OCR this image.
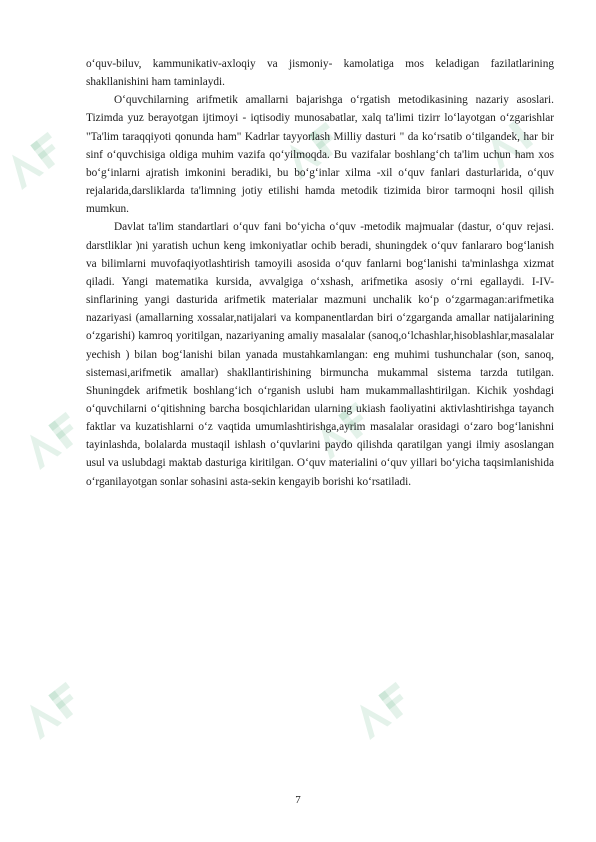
o‘quv-biluv, kammunikativ-axloqiy va jismoniy- kamolatiga mos keladigan fazilatlarining shakllanishini ham taminlaydi.

O‘quvchilarning arifmetik amallarni bajarishga o‘rgatish metodikasining nazariy asoslari. Tizimda yuz berayotgan ijtimoyi - iqtisodiy munosabatlar, xalq ta'limi tizirr lo‘layotgan o‘zgarishlar "Ta'lim taraqqiyoti qonunda ham" Kadrlar tayyorlash Milliy dasturi " da ko‘rsatib o‘tilgandek, har bir sinf o‘quvchisiga oldiga muhim vazifa qo‘yilmoqda. Bu vazifalar boshlang‘ch ta'lim uchun ham xos bo‘g‘inlarni ajratish imkonini beradiki, bu bo‘g‘inlar xilma -xil o‘quv fanlari dasturlarida, o‘quv rejalarida,darsliklarda ta'limning jotiy etilishi hamda metodik tizimida biror tarmoqni hosil qilish mumkun.

Davlat ta'lim standartlari o‘quv fani bo‘yicha o‘quv -metodik majmualar (dastur, o‘quv rejasi. darstliklar )ni yaratish uchun keng imkoniyatlar ochib beradi, shuningdek o‘quv fanlararo bog‘lanish va bilimlarni muvofaqiyotlashtirish tamoyili asosida o‘quv fanlarni bog‘lanishi ta'minlashga xizmat qiladi. Yangi matematika kursida, avvalgiga o‘xshash, arifmetika asosiy o‘rni egallaydi. I-IV-sinflarining yangi dasturida arifmetik materialar mazmuni unchalik ko‘p o‘zgarmagan:arifmetika nazariyasi (amallarning xossalar,natijalari va kompanentlardan biri o‘zgarganda amallar natijalarining o‘zgarishi) kamroq yoritilgan, nazariyaning amaliy masalalar (sanoq,o‘lchashlar,hisoblashlar,masalalar yechish ) bilan bog‘lanishi bilan yanada mustahkamlangan: eng muhimi tushunchalar (son, sanoq, sistemasi,arifmetik amallar) shakllantirishining birmuncha mukammal sistema tarzda tutilgan. Shuningdek arifmetik boshlang‘ich o‘rganish uslubi ham mukammallashtirilgan. Kichik yoshdagi o‘quvchilarni o‘qitishning barcha bosqichlaridan ularning ukiash faoliyatini aktivlashtirishga tayanch faktlar va kuzatishlarni o‘z vaqtida umumlashtirishga,ayrim masalalar orasidagi o‘zaro bog‘lanishni tayinlashda, bolalarda mustaqil ishlash o‘quvlarini paydo qilishda qaratilgan yangi ilmiy asoslangan usul va uslubdagi maktab dasturiga kiritilgan. O‘quv materialini o‘quv yillari bo‘yicha taqsimlanishida o‘rganilayotgan sonlar sohasini asta-sekin kengayib borishi ko‘rsatiladi.

7
